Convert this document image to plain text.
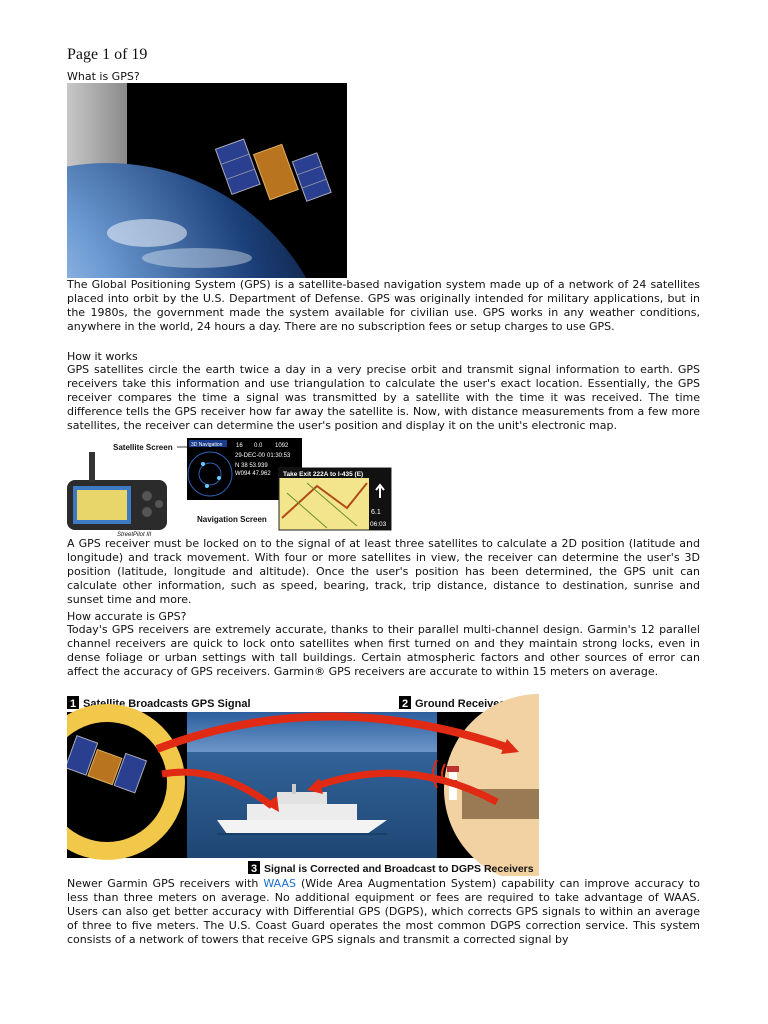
Page 1 of 19
What is GPS?

The Global Positioning System (GPS) is a satellite-based navigation system made up of a network of 24 satellites placed into orbit by the U.S. Department of Defense. GPS was originally intended for military applications, but in the 1980s, the government made the system available for civilian use. GPS works in any weather conditions, anywhere in the world, 24 hours a day. There are no subscription fees or setup charges to use GPS.

How it works

GPS satellites circle the earth twice a day in a very precise orbit and transmit signal information to earth. GPS receivers take this information and use triangulation to calculate the user's exact location. Essentially, the GPS receiver compares the time a signal was transmitted by a satellite with the time it was received. The time difference tells the GPS receiver how far away the satellite is. Now, with distance measurements from a few more satellites, the receiver can determine the user's position and display it on the unit's electronic map.

3D Navigation 16 0.0 1092
29-DEC-00 01:30:53
N 38 53.939
W094 47.962
Satellite Screen
StreetPilot III
Take Exit 222A to I-435 (E)
6.1
06:03
Navigation Screen

A GPS receiver must be locked on to the signal of at least three satellites to calculate a 2D position (latitude and longitude) and track movement. With four or more satellites in view, the receiver can determine the user's 3D position (latitude, longitude and altitude). Once the user's position has been determined, the GPS unit can calculate other information, such as speed, bearing, track, trip distance, distance to destination, sunrise and sunset time and more.

How accurate is GPS?

Today's GPS receivers are extremely accurate, thanks to their parallel multi-channel design. Garmin's 12 parallel channel receivers are quick to lock onto satellites when first turned on and they maintain strong locks, even in dense foliage or urban settings with tall buildings. Certain atmospheric factors and other sources of error can affect the accuracy of GPS receivers. Garmin® GPS receivers are accurate to within 15 meters on average.

1 Satellite Broadcasts GPS Signal	2 Ground Receives Signal
3 Signal is Corrected and Broadcast to DGPS Receivers

Newer Garmin GPS receivers with WAAS (Wide Area Augmentation System) capability can improve accuracy to less than three meters on average. No additional equipment or fees are required to take advantage of WAAS. Users can also get better accuracy with Differential GPS (DGPS), which corrects GPS signals to within an average of three to five meters. The U.S. Coast Guard operates the most common DGPS correction service. This system consists of a network of towers that receive GPS signals and transmit a corrected signal by
